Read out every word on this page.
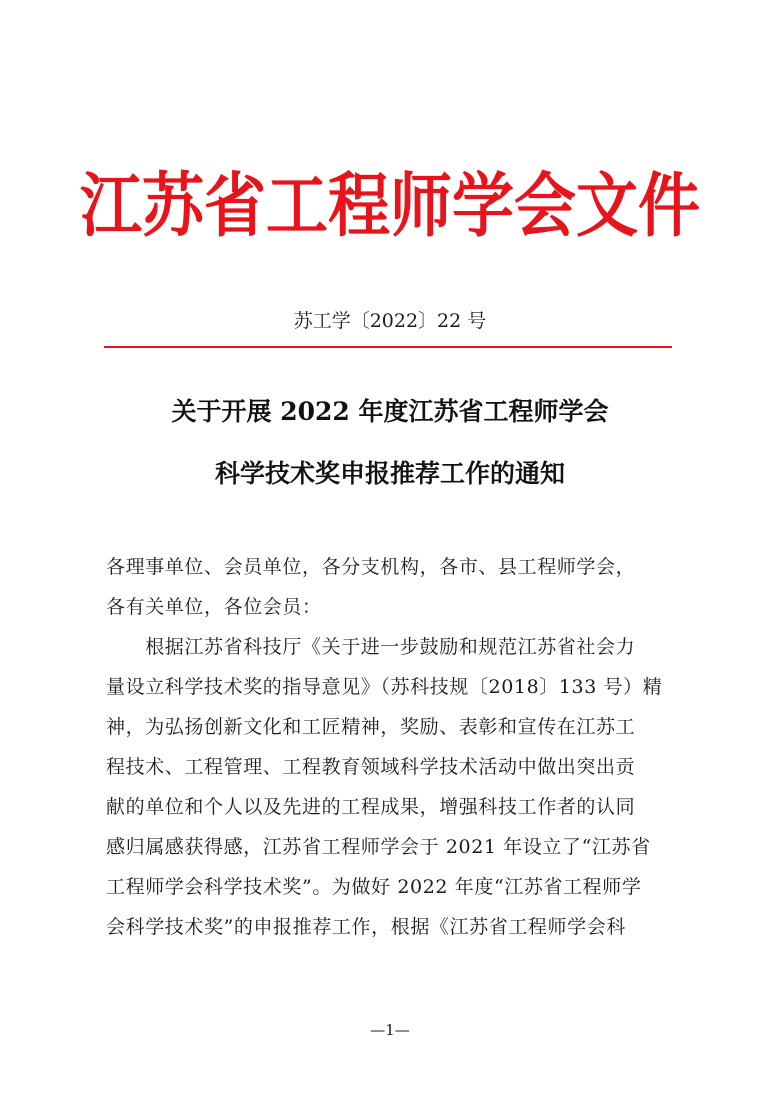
江苏省工程师学会文件
苏工学〔2022〕22 号
关于开展 2022 年度江苏省工程师学会
科学技术奖申报推荐工作的通知
各理事单位、会员单位，各分支机构，各市、县工程师学会，
各有关单位，各位会员：
　　根据江苏省科技厅《关于进一步鼓励和规范江苏省社会力
量设立科学技术奖的指导意见》（苏科技规〔2018〕133 号）精
神，为弘扬创新文化和工匠精神，奖励、表彰和宣传在江苏工
程技术、工程管理、工程教育领域科学技术活动中做出突出贡
献的单位和个人以及先进的工程成果，增强科技工作者的认同
感归属感获得感，江苏省工程师学会于 2021 年设立了“江苏省
工程师学会科学技术奖”。为做好 2022 年度“江苏省工程师学
会科学技术奖”的申报推荐工作，根据《江苏省工程师学会科
—1—
